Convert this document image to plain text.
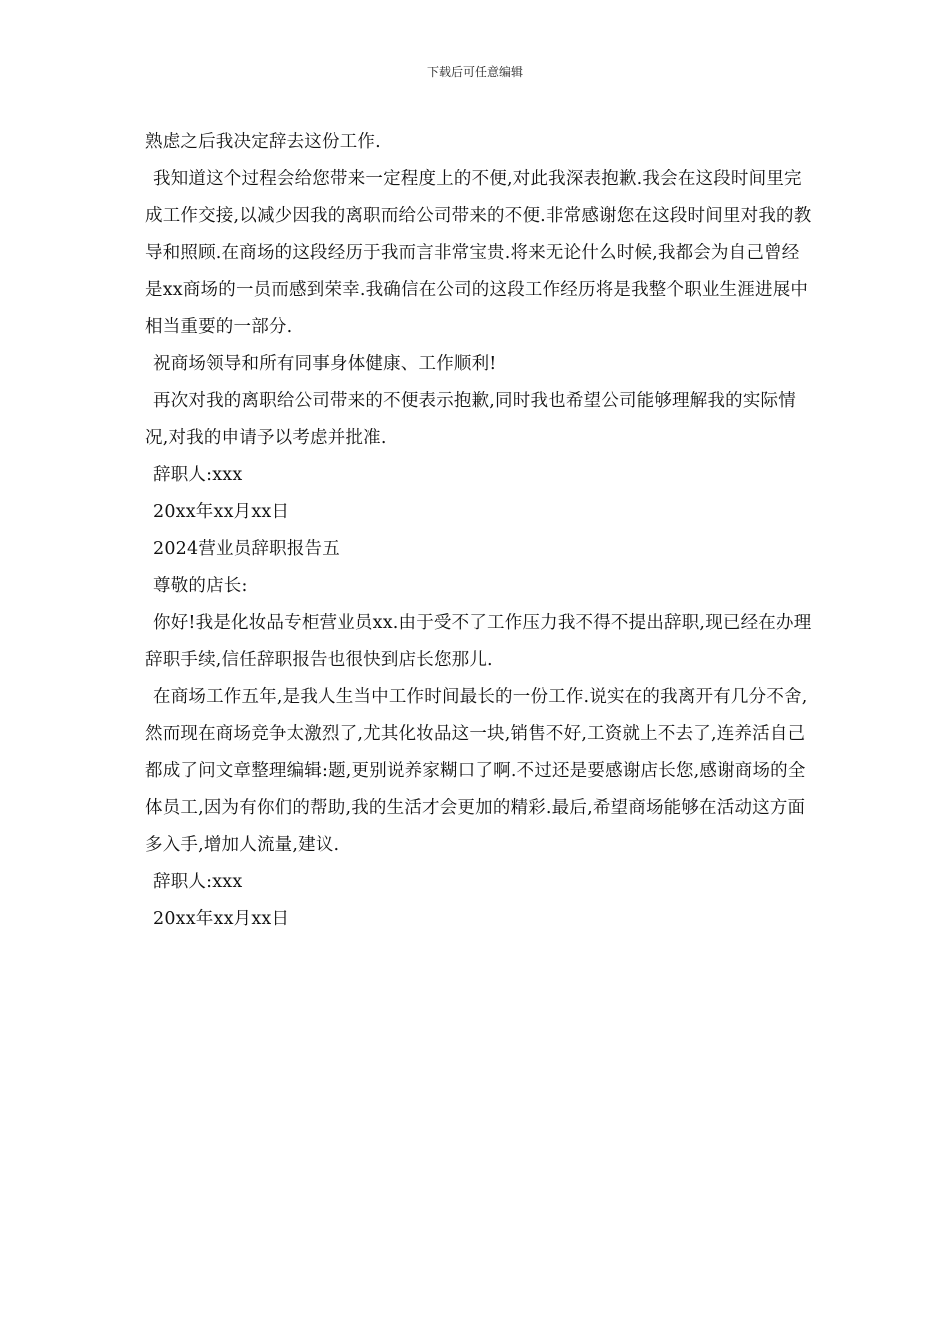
下载后可任意编辑

熟虑之后我决定辞去这份工作.

我知道这个过程会给您带来一定程度上的不便,对此我深表抱歉.我会在这段时间里完成工作交接,以减少因我的离职而给公司带来的不便.非常感谢您在这段时间里对我的教导和照顾.在商场的这段经历于我而言非常宝贵.将来无论什么时候,我都会为自己曾经是xx商场的一员而感到荣幸.我确信在公司的这段工作经历将是我整个职业生涯进展中相当重要的一部分.

祝商场领导和所有同事身体健康、工作顺利!

再次对我的离职给公司带来的不便表示抱歉,同时我也希望公司能够理解我的实际情况,对我的申请予以考虑并批准.

辞职人:xxx

20xx年xx月xx日

2024营业员辞职报告五

尊敬的店长:

你好!我是化妆品专柜营业员xx.由于受不了工作压力我不得不提出辞职,现已经在办理辞职手续,信任辞职报告也很快到店长您那儿.

在商场工作五年,是我人生当中工作时间最长的一份工作.说实在的我离开有几分不舍,然而现在商场竞争太激烈了,尤其化妆品这一块,销售不好,工资就上不去了,连养活自己都成了问文章整理编辑:题,更别说养家糊口了啊.不过还是要感谢店长您,感谢商场的全体员工,因为有你们的帮助,我的生活才会更加的精彩.最后,希望商场能够在活动这方面多入手,增加人流量,建议.

辞职人:xxx

20xx年xx月xx日
